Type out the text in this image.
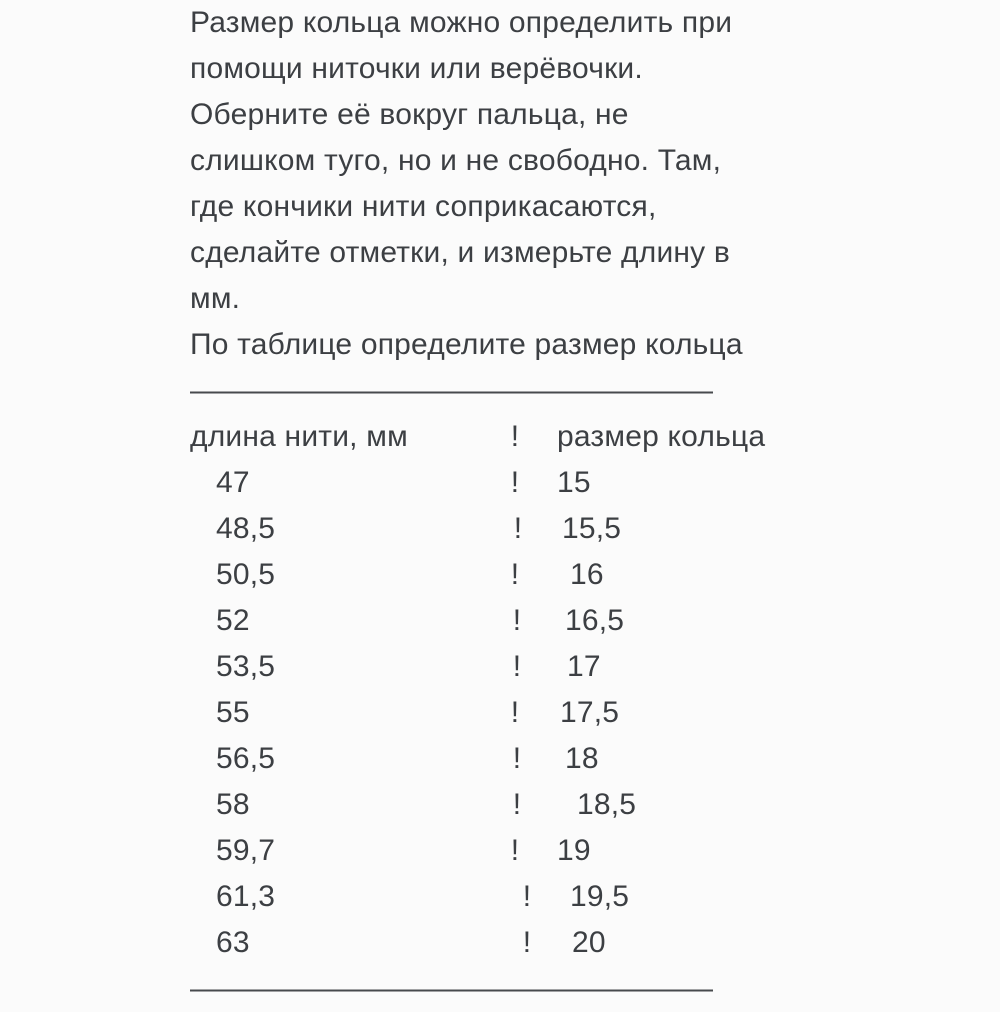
Размер кольца можно определить при
помощи ниточки или верёвочки.
Оберните её вокруг пальца, не
слишком туго, но и не свободно. Там,
где кончики нити соприкасаются,
сделайте отметки, и измерьте длину в
мм.
По таблице определите размер кольца
——————————————————
длина нити, мм	!	размер кольца
47	!	15
48,5	!	15,5
50,5	!	16
52	!	16,5
53,5	!	17
55	!	17,5
56,5	!	18
58	!	18,5
59,7	!	19
61,3	!	19,5
63	!	20
——————————————————
